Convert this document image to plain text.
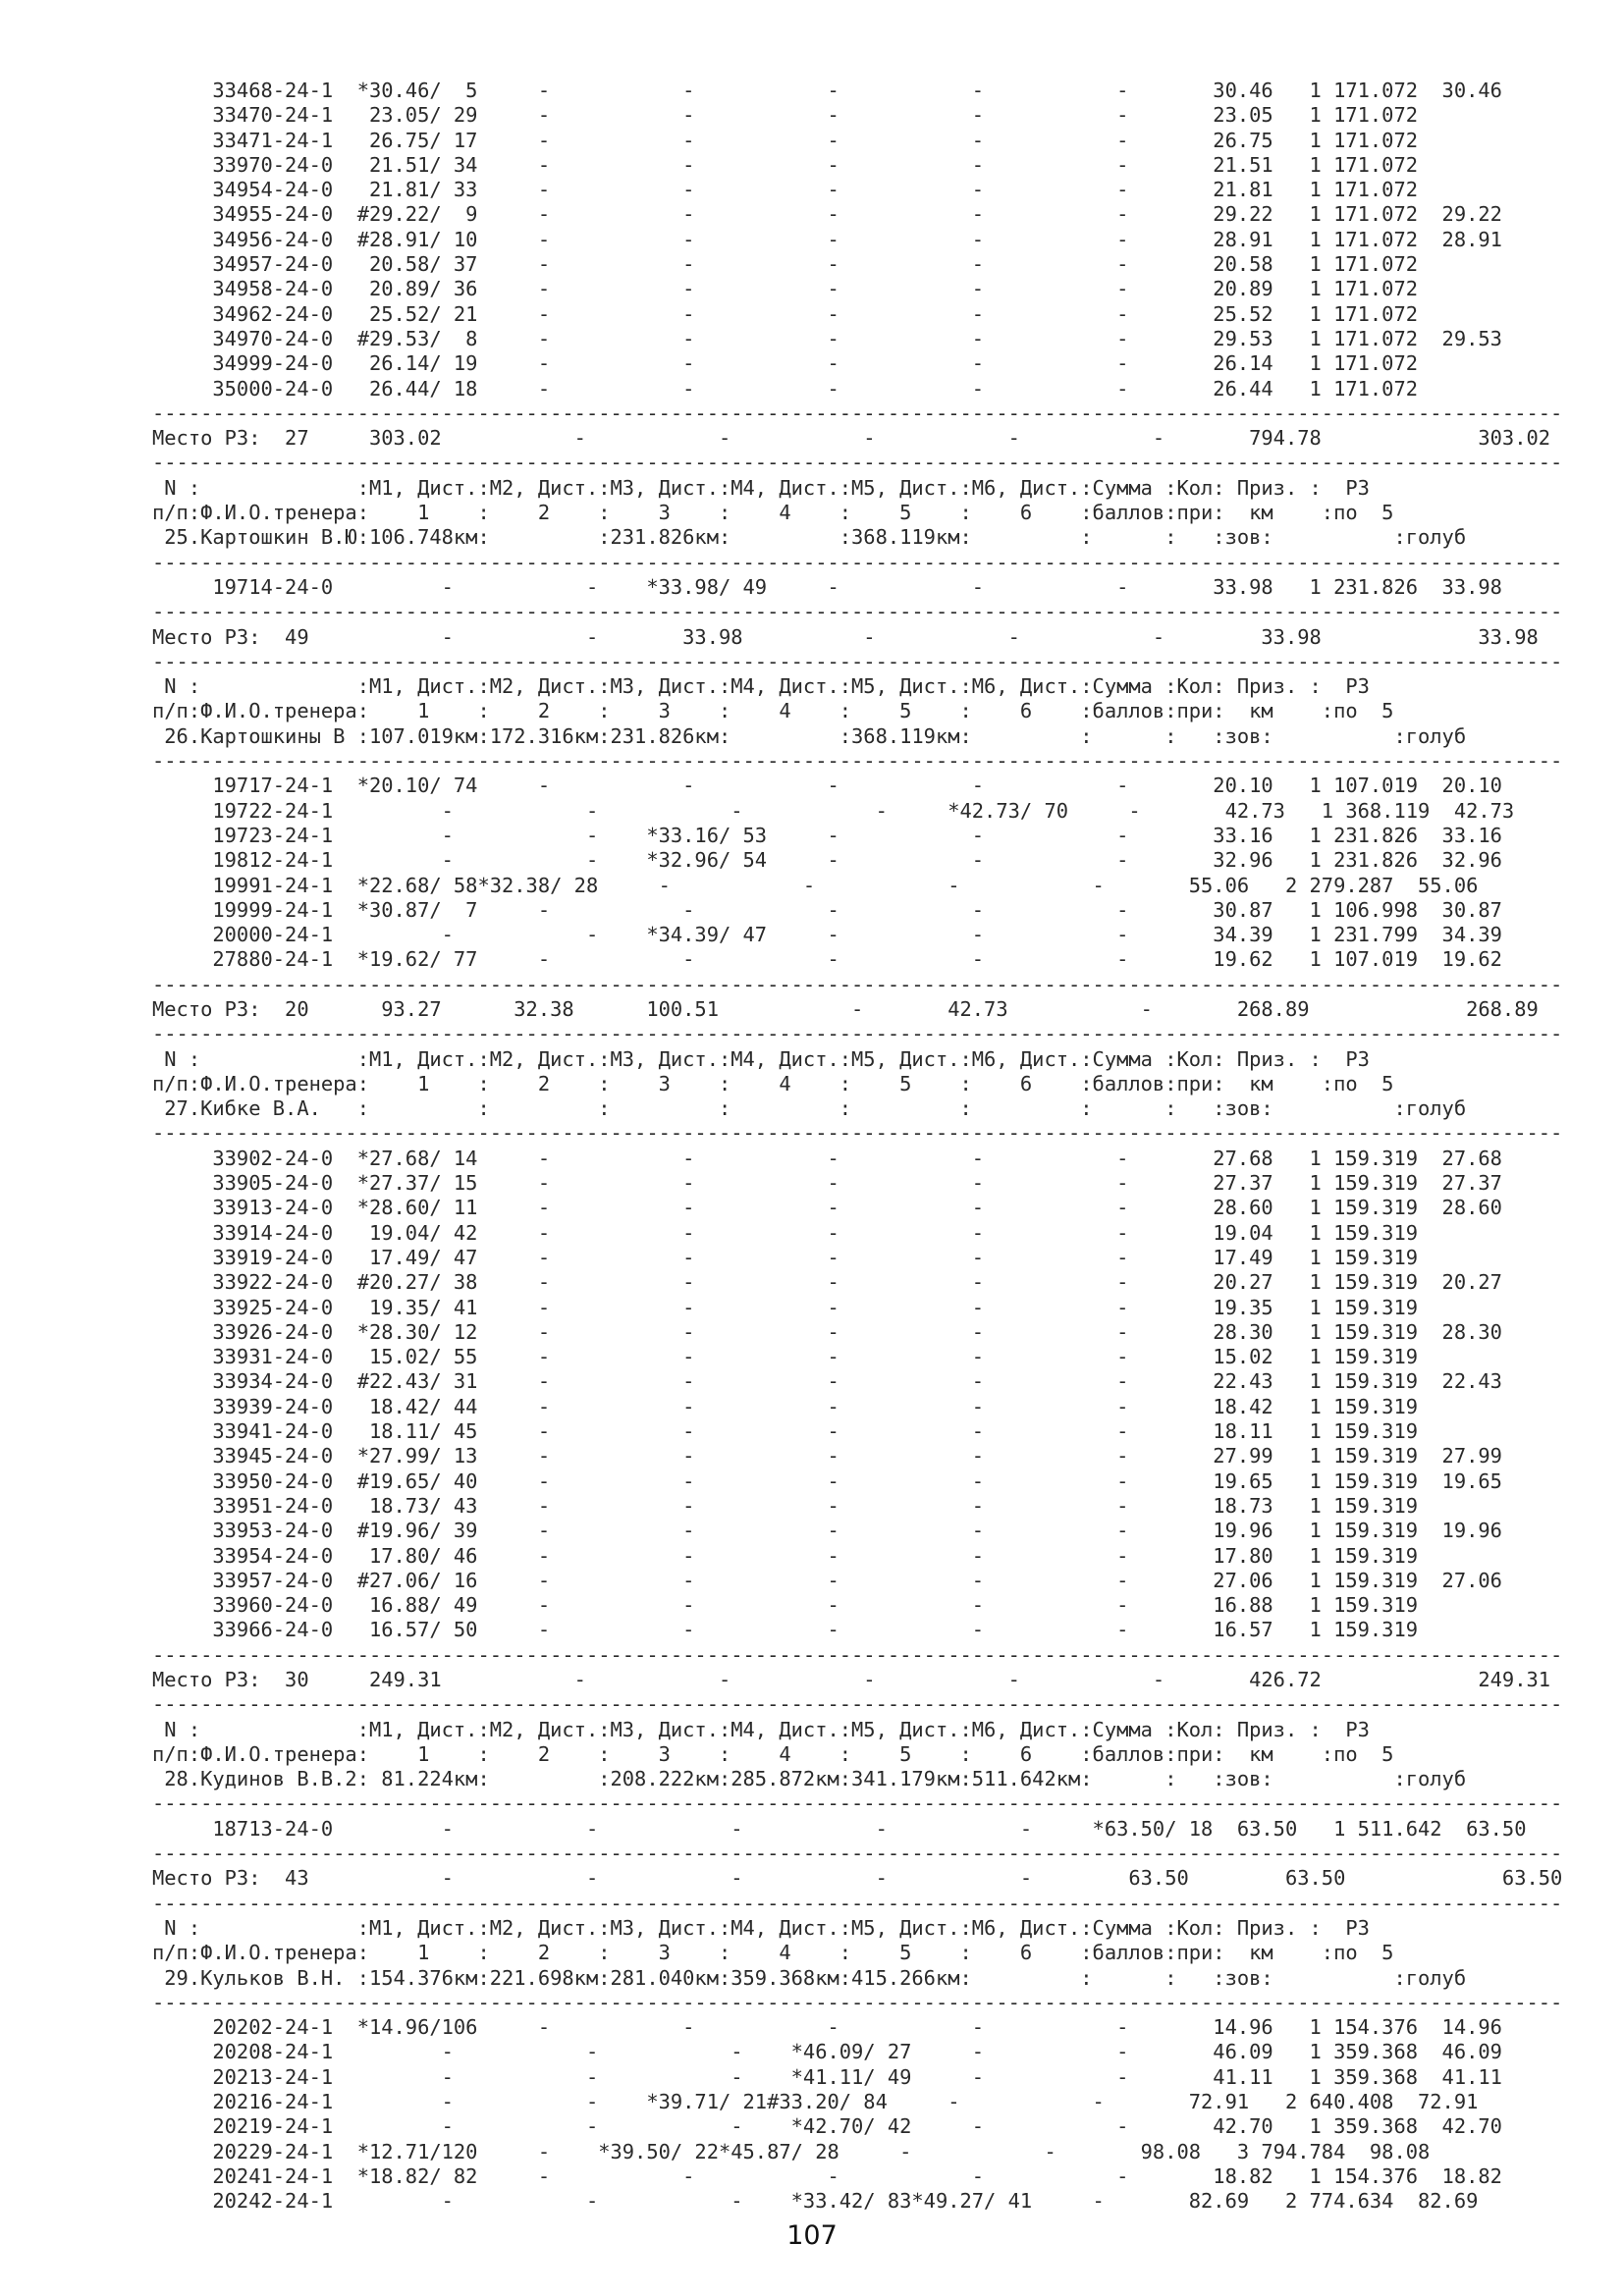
33468-24-1  *30.46/  5     -           -           -           -           -       30.46   1 171.072  30.46
33470-24-1   23.05/ 29     -           -           -           -           -       23.05   1 171.072
33471-24-1   26.75/ 17     -           -           -           -           -       26.75   1 171.072
33970-24-0   21.51/ 34     -           -           -           -           -       21.51   1 171.072
34954-24-0   21.81/ 33     -           -           -           -           -       21.81   1 171.072
34955-24-0  #29.22/  9     -           -           -           -           -       29.22   1 171.072  29.22
34956-24-0  #28.91/ 10     -           -           -           -           -       28.91   1 171.072  28.91
34957-24-0   20.58/ 37     -           -           -           -           -       20.58   1 171.072
34958-24-0   20.89/ 36     -           -           -           -           -       20.89   1 171.072
34962-24-0   25.52/ 21     -           -           -           -           -       25.52   1 171.072
34970-24-0  #29.53/  8     -           -           -           -           -       29.53   1 171.072  29.53
34999-24-0   26.14/ 19     -           -           -           -           -       26.14   1 171.072
35000-24-0   26.44/ 18     -           -           -           -           -       26.44   1 171.072
---------------------------------------------------------------------------------------------------------------------
Место РЗ:  27     303.02           -           -           -           -           -       794.78             303.02
---------------------------------------------------------------------------------------------------------------------
N :             :M1, Дист.:M2, Дист.:M3, Дист.:M4, Дист.:M5, Дист.:M6, Дист.:Сумма :Кол: Приз. :  РЗ
п/п:Ф.И.О.тренера:    1    :    2    :    3    :    4    :    5    :    6    :баллов:при:  км    :по  5
25.Картошкин В.Ю:106.748км:         :231.826км:         :368.119км:         :      :   :зов:          :голуб
---------------------------------------------------------------------------------------------------------------------
19714-24-0         -           -    *33.98/ 49     -           -           -       33.98   1 231.826  33.98
---------------------------------------------------------------------------------------------------------------------
Место РЗ:  49           -           -       33.98          -           -           -        33.98             33.98
---------------------------------------------------------------------------------------------------------------------
N :             :M1, Дист.:M2, Дист.:M3, Дист.:M4, Дист.:M5, Дист.:M6, Дист.:Сумма :Кол: Приз. :  РЗ
п/п:Ф.И.О.тренера:    1    :    2    :    3    :    4    :    5    :    6    :баллов:при:  км    :по  5
26.Картошкины В :107.019км:172.316км:231.826км:         :368.119км:         :      :   :зов:          :голуб
---------------------------------------------------------------------------------------------------------------------
19717-24-1  *20.10/ 74     -           -           -           -           -       20.10   1 107.019  20.10
19722-24-1         -           -           -           -     *42.73/ 70     -       42.73   1 368.119  42.73
19723-24-1         -           -    *33.16/ 53     -           -           -       33.16   1 231.826  33.16
19812-24-1         -           -    *32.96/ 54     -           -           -       32.96   1 231.826  32.96
19991-24-1  *22.68/ 58*32.38/ 28     -           -           -           -       55.06   2 279.287  55.06
19999-24-1  *30.87/  7     -           -           -           -           -       30.87   1 106.998  30.87
20000-24-1         -           -    *34.39/ 47     -           -           -       34.39   1 231.799  34.39
27880-24-1  *19.62/ 77     -           -           -           -           -       19.62   1 107.019  19.62
---------------------------------------------------------------------------------------------------------------------
Место РЗ:  20      93.27      32.38      100.51           -       42.73           -       268.89             268.89
---------------------------------------------------------------------------------------------------------------------
N :             :M1, Дист.:M2, Дист.:M3, Дист.:M4, Дист.:M5, Дист.:M6, Дист.:Сумма :Кол: Приз. :  РЗ
п/п:Ф.И.О.тренера:    1    :    2    :    3    :    4    :    5    :    6    :баллов:при:  км    :по  5
27.Кибке В.А.   :         :         :         :         :         :         :      :   :зов:          :голуб
---------------------------------------------------------------------------------------------------------------------
33902-24-0  *27.68/ 14     -           -           -           -           -       27.68   1 159.319  27.68
33905-24-0  *27.37/ 15     -           -           -           -           -       27.37   1 159.319  27.37
33913-24-0  *28.60/ 11     -           -           -           -           -       28.60   1 159.319  28.60
33914-24-0   19.04/ 42     -           -           -           -           -       19.04   1 159.319
33919-24-0   17.49/ 47     -           -           -           -           -       17.49   1 159.319
33922-24-0  #20.27/ 38     -           -           -           -           -       20.27   1 159.319  20.27
33925-24-0   19.35/ 41     -           -           -           -           -       19.35   1 159.319
33926-24-0  *28.30/ 12     -           -           -           -           -       28.30   1 159.319  28.30
33931-24-0   15.02/ 55     -           -           -           -           -       15.02   1 159.319
33934-24-0  #22.43/ 31     -           -           -           -           -       22.43   1 159.319  22.43
33939-24-0   18.42/ 44     -           -           -           -           -       18.42   1 159.319
33941-24-0   18.11/ 45     -           -           -           -           -       18.11   1 159.319
33945-24-0  *27.99/ 13     -           -           -           -           -       27.99   1 159.319  27.99
33950-24-0  #19.65/ 40     -           -           -           -           -       19.65   1 159.319  19.65
33951-24-0   18.73/ 43     -           -           -           -           -       18.73   1 159.319
33953-24-0  #19.96/ 39     -           -           -           -           -       19.96   1 159.319  19.96
33954-24-0   17.80/ 46     -           -           -           -           -       17.80   1 159.319
33957-24-0  #27.06/ 16     -           -           -           -           -       27.06   1 159.319  27.06
33960-24-0   16.88/ 49     -           -           -           -           -       16.88   1 159.319
33966-24-0   16.57/ 50     -           -           -           -           -       16.57   1 159.319
---------------------------------------------------------------------------------------------------------------------
Место РЗ:  30     249.31           -           -           -           -           -       426.72             249.31
---------------------------------------------------------------------------------------------------------------------
N :             :M1, Дист.:M2, Дист.:M3, Дист.:M4, Дист.:M5, Дист.:M6, Дист.:Сумма :Кол: Приз. :  РЗ
п/п:Ф.И.О.тренера:    1    :    2    :    3    :    4    :    5    :    6    :баллов:при:  км    :по  5
28.Кудинов В.В.2: 81.224км:         :208.222км:285.872км:341.179км:511.642км:      :   :зов:          :голуб
---------------------------------------------------------------------------------------------------------------------
18713-24-0         -           -           -           -           -     *63.50/ 18  63.50   1 511.642  63.50
---------------------------------------------------------------------------------------------------------------------
Место РЗ:  43           -           -           -           -           -        63.50        63.50             63.50
---------------------------------------------------------------------------------------------------------------------
N :             :M1, Дист.:M2, Дист.:M3, Дист.:M4, Дист.:M5, Дист.:M6, Дист.:Сумма :Кол: Приз. :  РЗ
п/п:Ф.И.О.тренера:    1    :    2    :    3    :    4    :    5    :    6    :баллов:при:  км    :по  5
29.Кульков В.Н. :154.376км:221.698км:281.040км:359.368км:415.266км:         :      :   :зов:          :голуб
---------------------------------------------------------------------------------------------------------------------
20202-24-1  *14.96/106     -           -           -           -           -       14.96   1 154.376  14.96
20208-24-1         -           -           -    *46.09/ 27     -           -       46.09   1 359.368  46.09
20213-24-1         -           -           -    *41.11/ 49     -           -       41.11   1 359.368  41.11
20216-24-1         -           -    *39.71/ 21#33.20/ 84     -           -       72.91   2 640.408  72.91
20219-24-1         -           -           -    *42.70/ 42     -           -       42.70   1 359.368  42.70
20229-24-1  *12.71/120     -    *39.50/ 22*45.87/ 28     -           -       98.08   3 794.784  98.08
20241-24-1  *18.82/ 82     -           -           -           -           -       18.82   1 154.376  18.82
20242-24-1         -           -           -    *33.42/ 83*49.27/ 41     -       82.69   2 774.634  82.69
107
